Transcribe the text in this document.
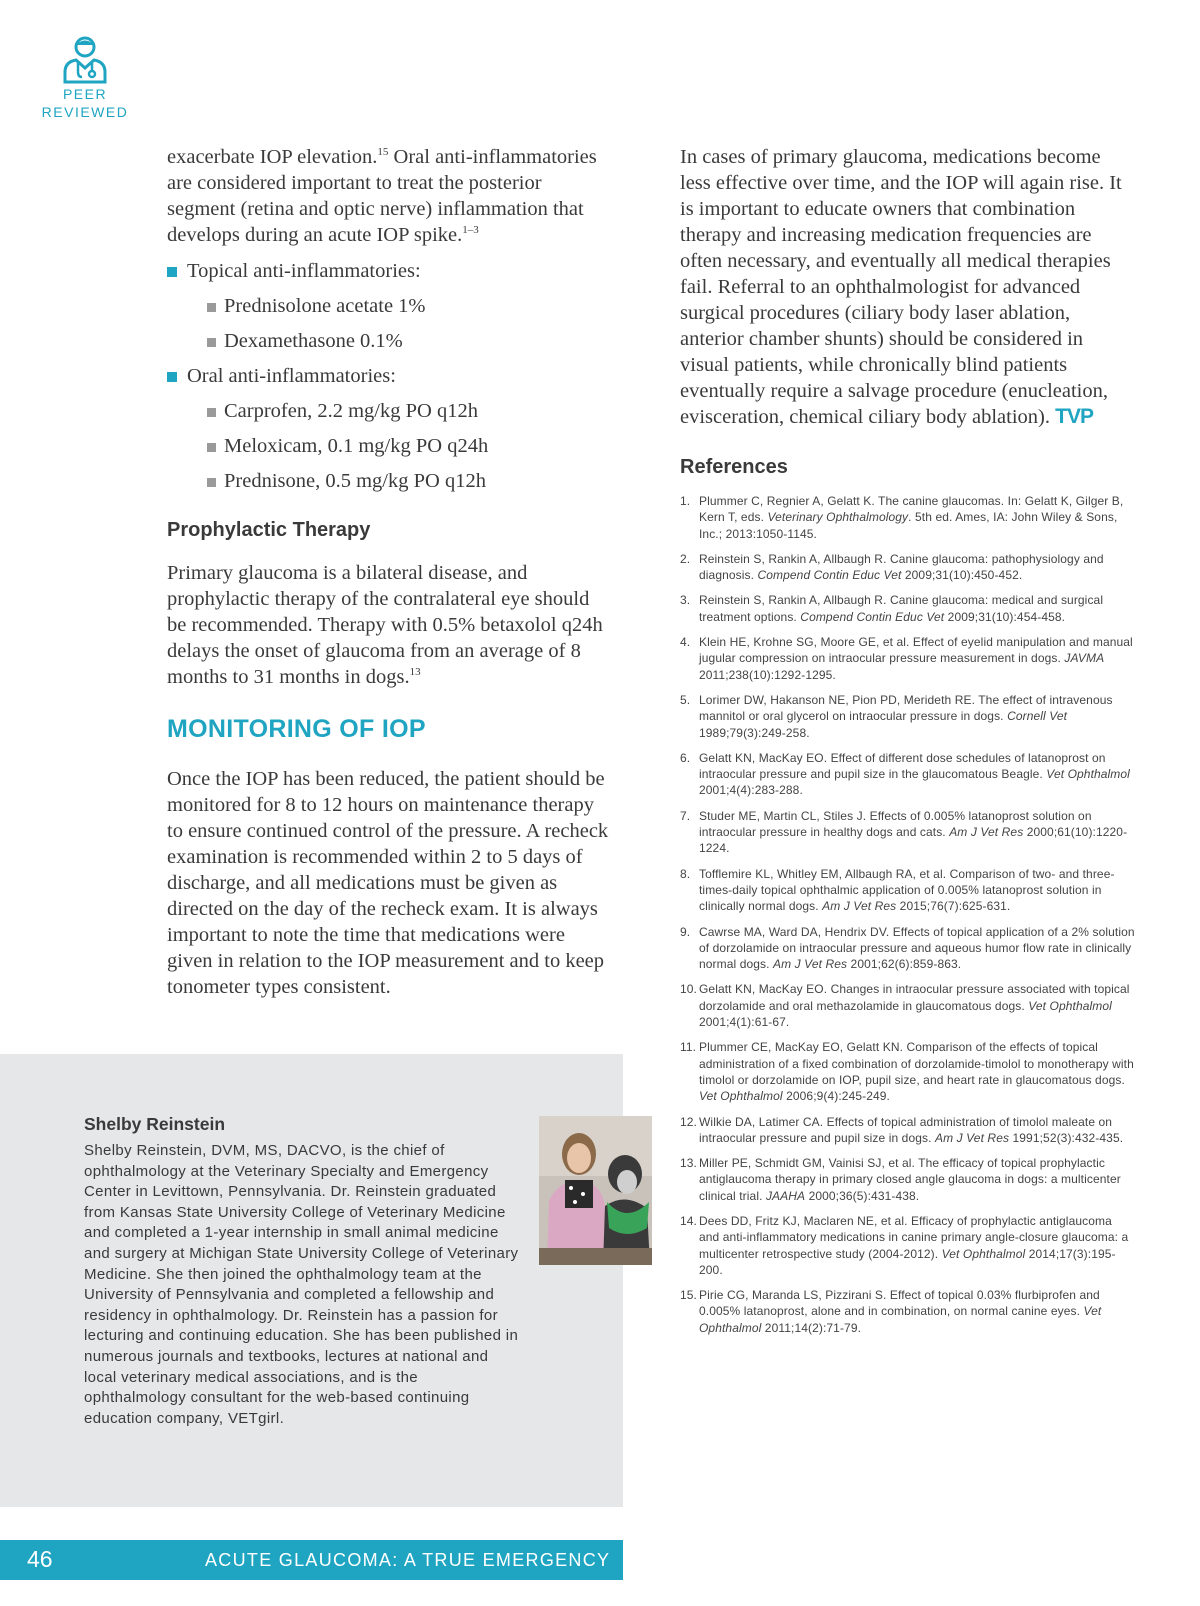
PEER
REVIEWED

exacerbate IOP elevation.$^{15}$ Oral anti-inflammatories are considered important to treat the posterior segment (retina and optic nerve) inflammation that develops during an acute IOP spike.$^{1-3}$

Topical anti-inflammatories:
Prednisolone acetate 1%
Dexamethasone 0.1%
Oral anti-inflammatories:
Carprofen, 2.2 mg/kg PO q12h
Meloxicam, 0.1 mg/kg PO q24h
Prednisone, 0.5 mg/kg PO q12h
Prophylactic Therapy

Primary glaucoma is a bilateral disease, and prophylactic therapy of the contralateral eye should be recommended. Therapy with 0.5% betaxolol q24h delays the onset of glaucoma from an average of 8 months to 31 months in dogs.$^{13}$

MONITORING OF IOP

Once the IOP has been reduced, the patient should be monitored for 8 to 12 hours on maintenance therapy to ensure continued control of the pressure. A recheck examination is recommended within 2 to 5 days of discharge, and all medications must be given as directed on the day of the recheck exam. It is always important to note the time that medications were given in relation to the IOP measurement and to keep tonometer types consistent.

In cases of primary glaucoma, medications become less effective over time, and the IOP will again rise. It is important to educate owners that combination therapy and increasing medication frequencies are often necessary, and eventually all medical therapies fail. Referral to an ophthalmologist for advanced surgical procedures (ciliary body laser ablation, anterior chamber shunts) should be considered in visual patients, while chronically blind patients eventually require a salvage procedure (enucleation, evisceration, chemical ciliary body ablation). TVP

References
1. Plummer C, Regnier A, Gelatt K. The canine glaucomas. In: Gelatt K, Gilger B, Kern T, eds. Veterinary Ophthalmology. 5th ed. Ames, IA: John Wiley & Sons, Inc.; 2013:1050-1145.
2. Reinstein S, Rankin A, Allbaugh R. Canine glaucoma: pathophysiology and diagnosis. Compend Contin Educ Vet 2009;31(10):450-452.
3. Reinstein S, Rankin A, Allbaugh R. Canine glaucoma: medical and surgical treatment options. Compend Contin Educ Vet 2009;31(10):454-458.
4. Klein HE, Krohne SG, Moore GE, et al. Effect of eyelid manipulation and manual jugular compression on intraocular pressure measurement in dogs. JAVMA 2011;238(10):1292-1295.
5. Lorimer DW, Hakanson NE, Pion PD, Merideth RE. The effect of intravenous mannitol or oral glycerol on intraocular pressure in dogs. Cornell Vet 1989;79(3):249-258.
6. Gelatt KN, MacKay EO. Effect of different dose schedules of latanoprost on intraocular pressure and pupil size in the glaucomatous Beagle. Vet Ophthalmol 2001;4(4):283-288.
7. Studer ME, Martin CL, Stiles J. Effects of 0.005% latanoprost solution on intraocular pressure in healthy dogs and cats. Am J Vet Res 2000;61(10):1220-1224.
8. Tofflemire KL, Whitley EM, Allbaugh RA, et al. Comparison of two- and three-times-daily topical ophthalmic application of 0.005% latanoprost solution in clinically normal dogs. Am J Vet Res 2015;76(7):625-631.
9. Cawrse MA, Ward DA, Hendrix DV. Effects of topical application of a 2% solution of dorzolamide on intraocular pressure and aqueous humor flow rate in clinically normal dogs. Am J Vet Res 2001;62(6):859-863.
10. Gelatt KN, MacKay EO. Changes in intraocular pressure associated with topical dorzolamide and oral methazolamide in glaucomatous dogs. Vet Ophthalmol 2001;4(1):61-67.
11. Plummer CE, MacKay EO, Gelatt KN. Comparison of the effects of topical administration of a fixed combination of dorzolamide-timolol to monotherapy with timolol or dorzolamide on IOP, pupil size, and heart rate in glaucomatous dogs. Vet Ophthalmol 2006;9(4):245-249.
12. Wilkie DA, Latimer CA. Effects of topical administration of timolol maleate on intraocular pressure and pupil size in dogs. Am J Vet Res 1991;52(3):432-435.
13. Miller PE, Schmidt GM, Vainisi SJ, et al. The efficacy of topical prophylactic antiglaucoma therapy in primary closed angle glaucoma in dogs: a multicenter clinical trial. JAAHA 2000;36(5):431-438.
14. Dees DD, Fritz KJ, Maclaren NE, et al. Efficacy of prophylactic antiglaucoma and anti-inflammatory medications in canine primary angle-closure glaucoma: a multicenter retrospective study (2004-2012). Vet Ophthalmol 2014;17(3):195-200.
15. Pirie CG, Maranda LS, Pizzirani S. Effect of topical 0.03% flurbiprofen and 0.005% latanoprost, alone and in combination, on normal canine eyes. Vet Ophthalmol 2011;14(2):71-79.
Shelby Reinstein

Shelby Reinstein, DVM, MS, DACVO, is the chief of ophthalmology at the Veterinary Specialty and Emergency Center in Levittown, Pennsylvania. Dr. Reinstein graduated from Kansas State University College of Veterinary Medicine and completed a 1-year internship in small animal medicine and surgery at Michigan State University College of Veterinary Medicine. She then joined the ophthalmology team at the University of Pennsylvania and completed a fellowship and residency in ophthalmology. Dr. Reinstein has a passion for lecturing and continuing education. She has been published in numerous journals and textbooks, lectures at national and local veterinary medical associations, and is the ophthalmology consultant for the web-based continuing education company, VETgirl.

46	ACUTE GLAUCOMA: A TRUE EMERGENCY
